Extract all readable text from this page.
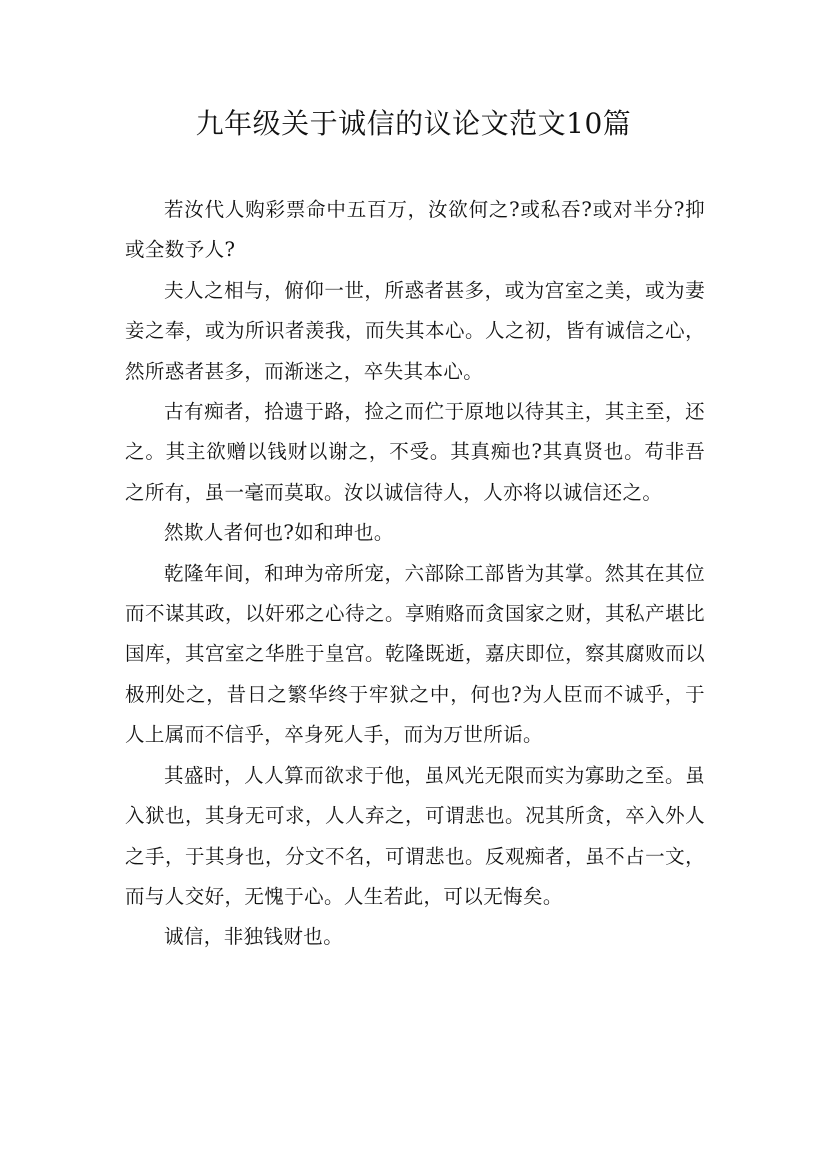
九年级关于诚信的议论文范文10篇

若汝代人购彩票命中五百万，汝欲何之?或私吞?或对半分?抑或全数予人?

夫人之相与，俯仰一世，所惑者甚多，或为宫室之美，或为妻妾之奉，或为所识者羡我，而失其本心。人之初，皆有诚信之心，然所惑者甚多，而渐迷之，卒失其本心。

古有痴者，拾遗于路，捡之而伫于原地以待其主，其主至，还之。其主欲赠以钱财以谢之，不受。其真痴也?其真贤也。苟非吾之所有，虽一毫而莫取。汝以诚信待人，人亦将以诚信还之。

然欺人者何也?如和珅也。

乾隆年间，和珅为帝所宠，六部除工部皆为其掌。然其在其位而不谋其政，以奸邪之心待之。享贿赂而贪国家之财，其私产堪比国库，其宫室之华胜于皇宫。乾隆既逝，嘉庆即位，察其腐败而以极刑处之，昔日之繁华终于牢狱之中，何也?为人臣而不诚乎，于人上属而不信乎，卒身死人手，而为万世所诟。

其盛时，人人算而欲求于他，虽风光无限而实为寡助之至。虽入狱也，其身无可求，人人弃之，可谓悲也。况其所贪，卒入外人之手，于其身也，分文不名，可谓悲也。反观痴者，虽不占一文，而与人交好，无愧于心。人生若此，可以无悔矣。

诚信，非独钱财也。
